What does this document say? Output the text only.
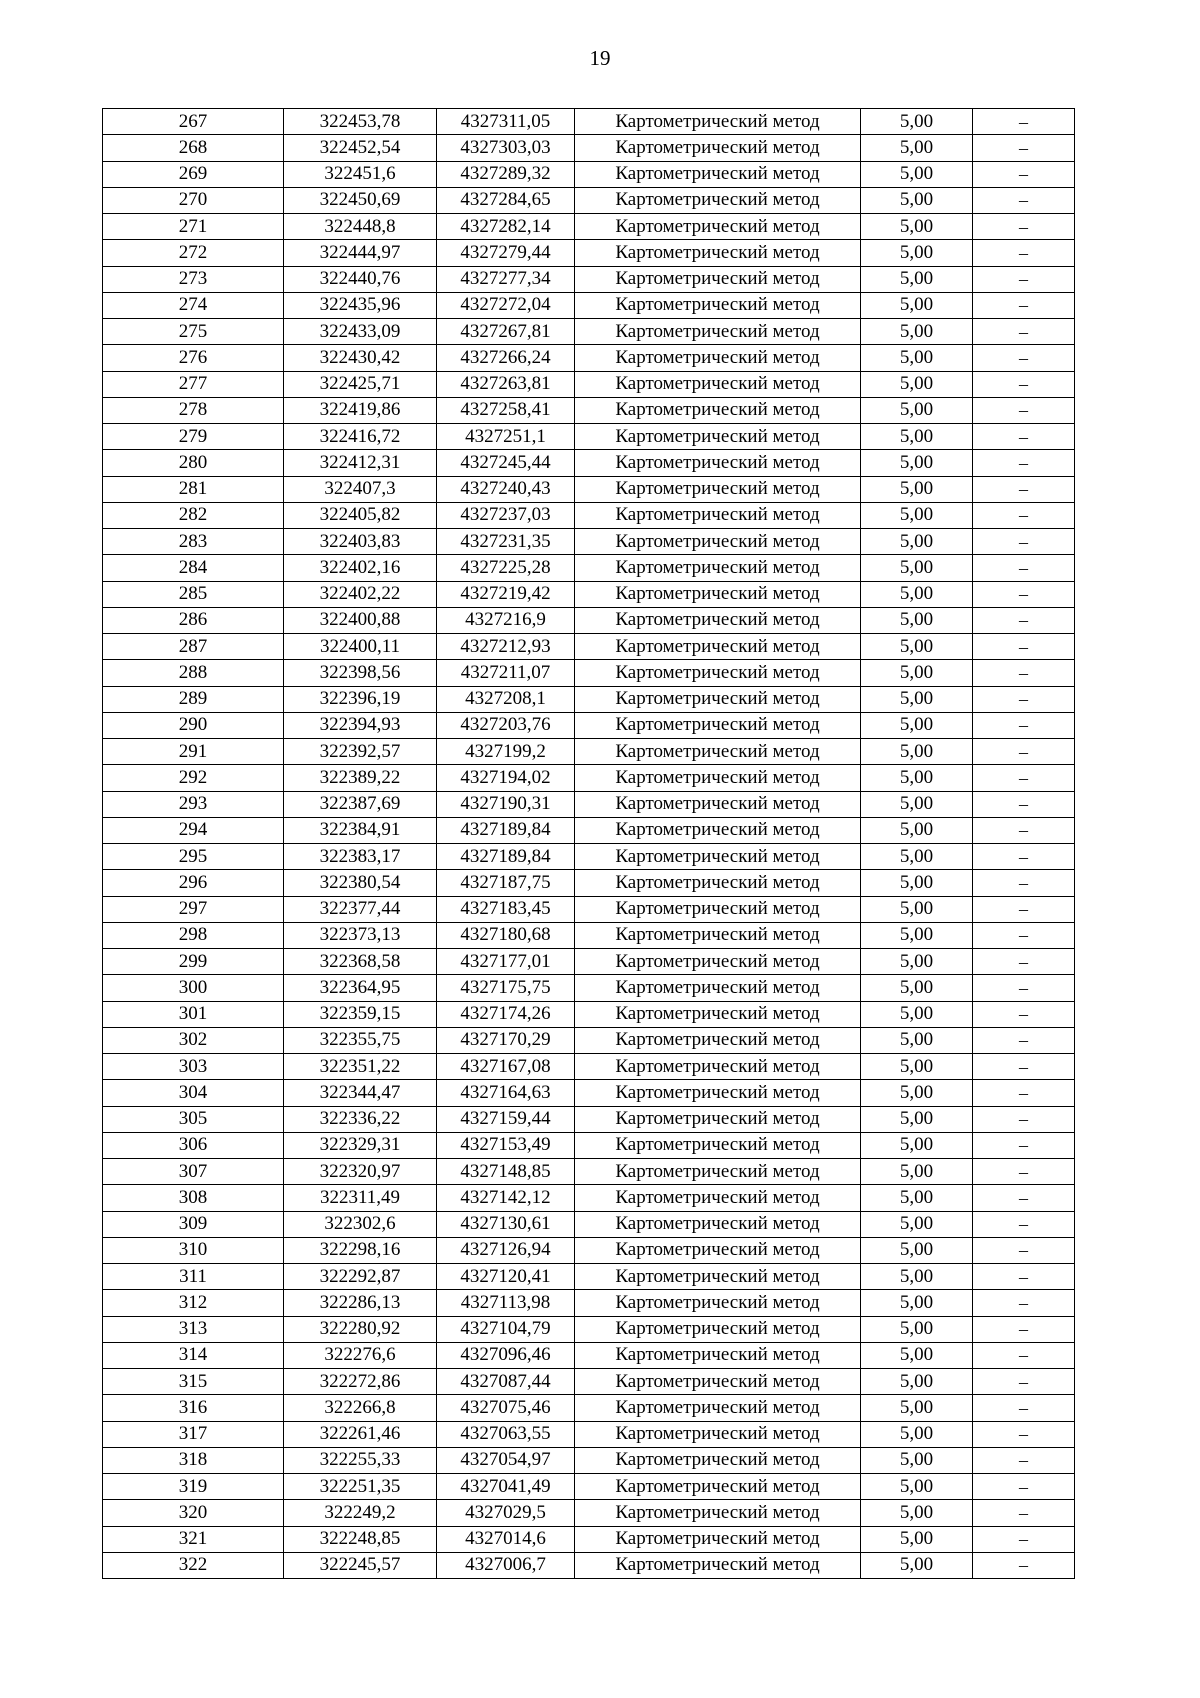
19
267	322453,78	4327311,05	Картометрический метод	5,00	–
268	322452,54	4327303,03	Картометрический метод	5,00	–
269	322451,6	4327289,32	Картометрический метод	5,00	–
270	322450,69	4327284,65	Картометрический метод	5,00	–
271	322448,8	4327282,14	Картометрический метод	5,00	–
272	322444,97	4327279,44	Картометрический метод	5,00	–
273	322440,76	4327277,34	Картометрический метод	5,00	–
274	322435,96	4327272,04	Картометрический метод	5,00	–
275	322433,09	4327267,81	Картометрический метод	5,00	–
276	322430,42	4327266,24	Картометрический метод	5,00	–
277	322425,71	4327263,81	Картометрический метод	5,00	–
278	322419,86	4327258,41	Картометрический метод	5,00	–
279	322416,72	4327251,1	Картометрический метод	5,00	–
280	322412,31	4327245,44	Картометрический метод	5,00	–
281	322407,3	4327240,43	Картометрический метод	5,00	–
282	322405,82	4327237,03	Картометрический метод	5,00	–
283	322403,83	4327231,35	Картометрический метод	5,00	–
284	322402,16	4327225,28	Картометрический метод	5,00	–
285	322402,22	4327219,42	Картометрический метод	5,00	–
286	322400,88	4327216,9	Картометрический метод	5,00	–
287	322400,11	4327212,93	Картометрический метод	5,00	–
288	322398,56	4327211,07	Картометрический метод	5,00	–
289	322396,19	4327208,1	Картометрический метод	5,00	–
290	322394,93	4327203,76	Картометрический метод	5,00	–
291	322392,57	4327199,2	Картометрический метод	5,00	–
292	322389,22	4327194,02	Картометрический метод	5,00	–
293	322387,69	4327190,31	Картометрический метод	5,00	–
294	322384,91	4327189,84	Картометрический метод	5,00	–
295	322383,17	4327189,84	Картометрический метод	5,00	–
296	322380,54	4327187,75	Картометрический метод	5,00	–
297	322377,44	4327183,45	Картометрический метод	5,00	–
298	322373,13	4327180,68	Картометрический метод	5,00	–
299	322368,58	4327177,01	Картометрический метод	5,00	–
300	322364,95	4327175,75	Картометрический метод	5,00	–
301	322359,15	4327174,26	Картометрический метод	5,00	–
302	322355,75	4327170,29	Картометрический метод	5,00	–
303	322351,22	4327167,08	Картометрический метод	5,00	–
304	322344,47	4327164,63	Картометрический метод	5,00	–
305	322336,22	4327159,44	Картометрический метод	5,00	–
306	322329,31	4327153,49	Картометрический метод	5,00	–
307	322320,97	4327148,85	Картометрический метод	5,00	–
308	322311,49	4327142,12	Картометрический метод	5,00	–
309	322302,6	4327130,61	Картометрический метод	5,00	–
310	322298,16	4327126,94	Картометрический метод	5,00	–
311	322292,87	4327120,41	Картометрический метод	5,00	–
312	322286,13	4327113,98	Картометрический метод	5,00	–
313	322280,92	4327104,79	Картометрический метод	5,00	–
314	322276,6	4327096,46	Картометрический метод	5,00	–
315	322272,86	4327087,44	Картометрический метод	5,00	–
316	322266,8	4327075,46	Картометрический метод	5,00	–
317	322261,46	4327063,55	Картометрический метод	5,00	–
318	322255,33	4327054,97	Картометрический метод	5,00	–
319	322251,35	4327041,49	Картометрический метод	5,00	–
320	322249,2	4327029,5	Картометрический метод	5,00	–
321	322248,85	4327014,6	Картометрический метод	5,00	–
322	322245,57	4327006,7	Картометрический метод	5,00	–
